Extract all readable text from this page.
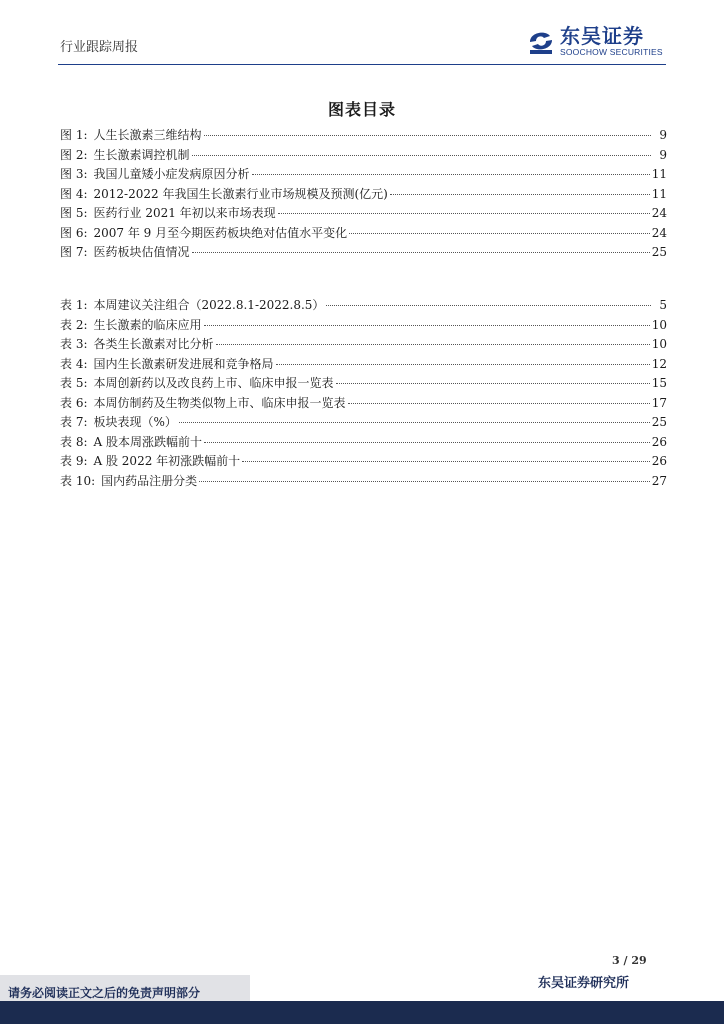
行业跟踪周报	东吴证券
SOOCHOW SECURITIES
图表目录
图 1: 人生长激素三维结构	9
图 2: 生长激素调控机制	9
图 3: 我国儿童矮小症发病原因分析	11
图 4: 2012-2022 年我国生长激素行业市场规模及预测(亿元)	11
图 5: 医药行业 2021 年初以来市场表现	24
图 6: 2007 年 9 月至今期医药板块绝对估值水平变化	24
图 7: 医药板块估值情况	25
表 1: 本周建议关注组合（2022.8.1-2022.8.5）	5
表 2: 生长激素的临床应用	10
表 3: 各类生长激素对比分析	10
表 4: 国内生长激素研发进展和竞争格局	12
表 5: 本周创新药以及改良药上市、临床申报一览表	15
表 6: 本周仿制药及生物类似物上市、临床申报一览表	17
表 7: 板块表现（%）	25
表 8: A 股本周涨跌幅前十	26
表 9: A 股 2022 年初涨跌幅前十	26
表 10: 国内药品注册分类	27
3 / 29
请务必阅读正文之后的免责声明部分
东吴证券研究所
